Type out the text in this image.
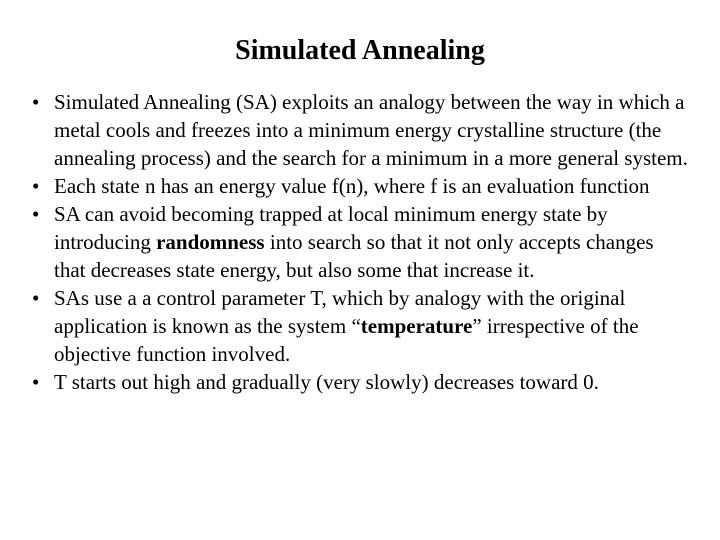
Simulated Annealing
• Simulated Annealing (SA) exploits an analogy between the way in which a metal cools and freezes into a minimum energy crystalline structure (the annealing process) and the search for a minimum in a more general system.
• Each state n has an energy value f(n), where f is an evaluation function
• SA can avoid becoming trapped at local minimum energy state by introducing randomness into search so that it not only accepts changes that decreases state energy, but also some that increase it.
• SAs use a a control parameter T, which by analogy with the original application is known as the system “temperature” irrespective of the objective function involved.
• T starts out high and gradually (very slowly) decreases toward 0.
